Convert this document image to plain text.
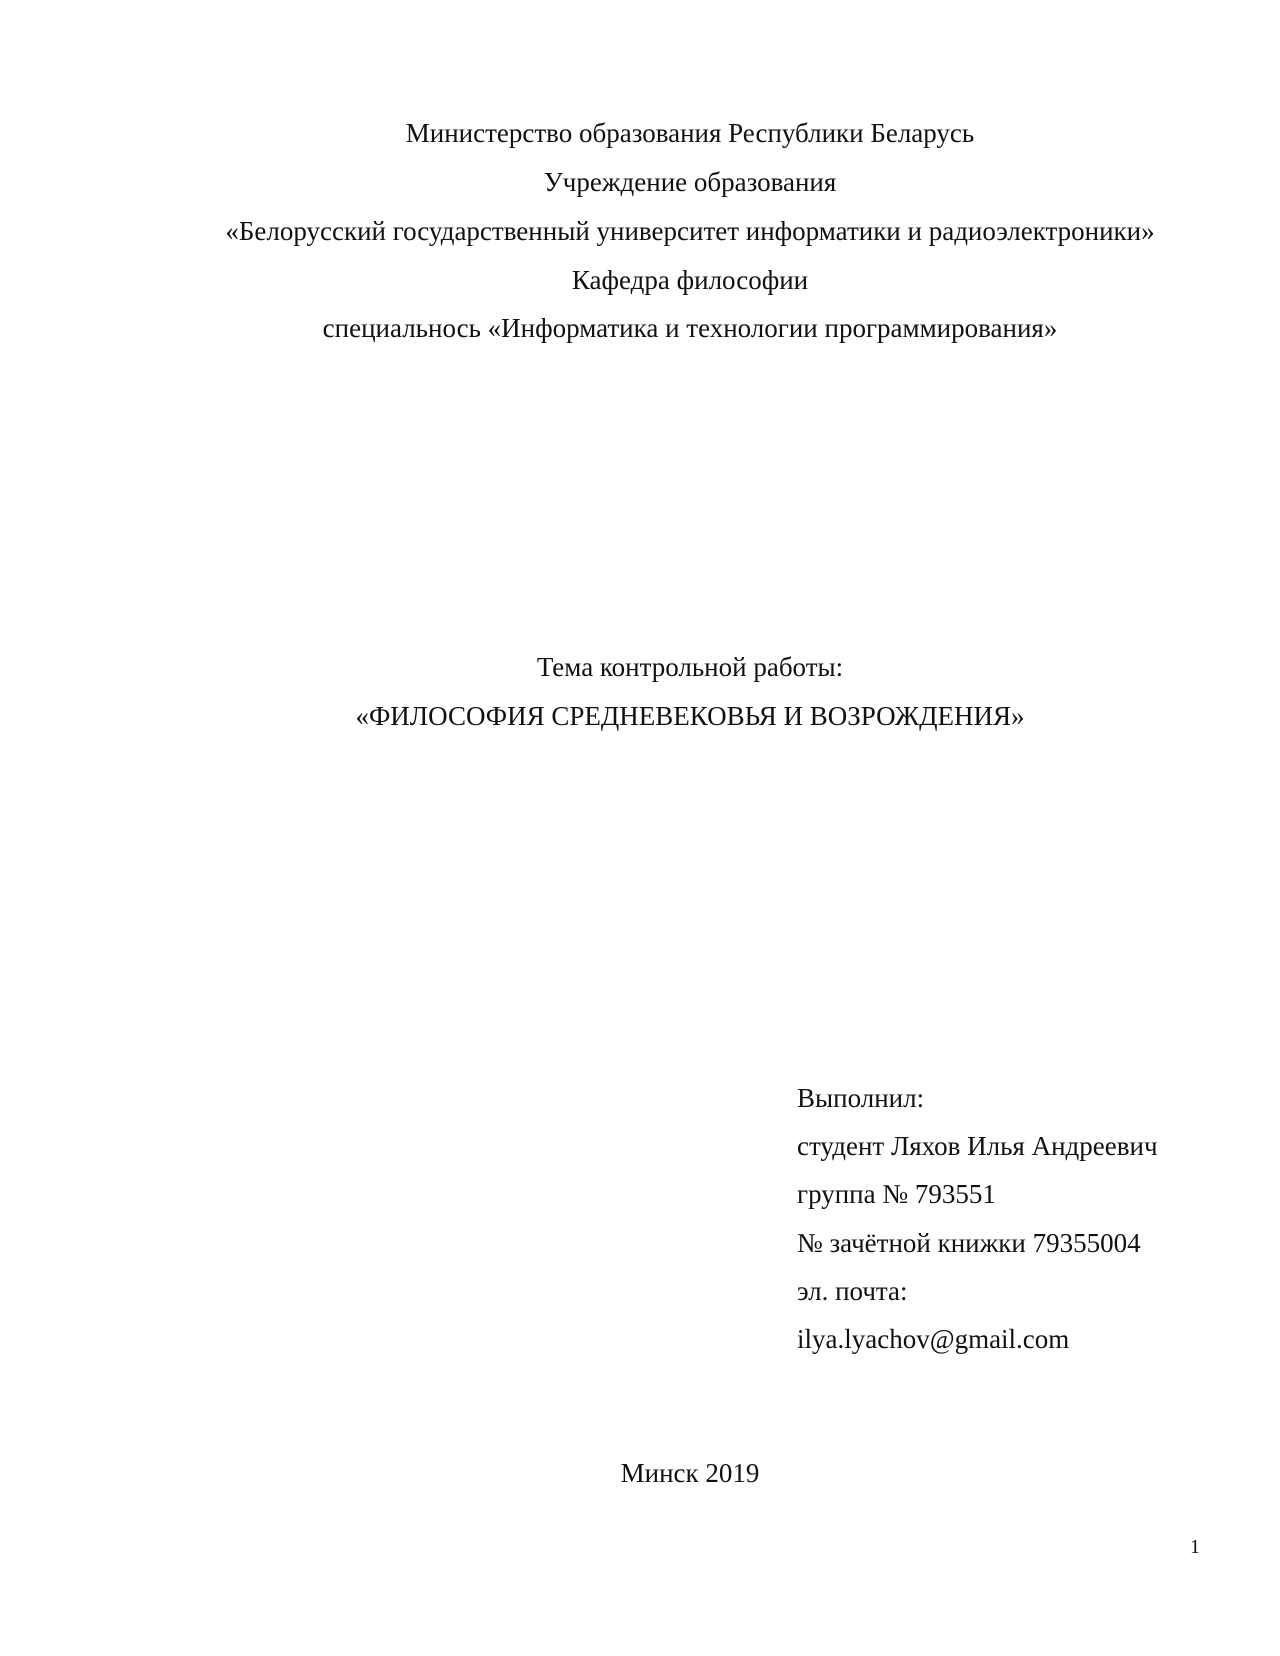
Министерство образования Республики Беларусь
Учреждение образования
«Белорусский государственный университет информатики и радиоэлектроники»
Кафедра философии
специальнось «Информатика и технологии программирования»
Тема контрольной работы:
«ФИЛОСОФИЯ СРЕДНЕВЕКОВЬЯ И ВОЗРОЖДЕНИЯ»
Выполнил:
студент Ляхов Илья Андреевич
группа № 793551
№ зачётной книжки 79355004
эл. почта:
ilya.lyachov@gmail.com
Минск 2019
1
